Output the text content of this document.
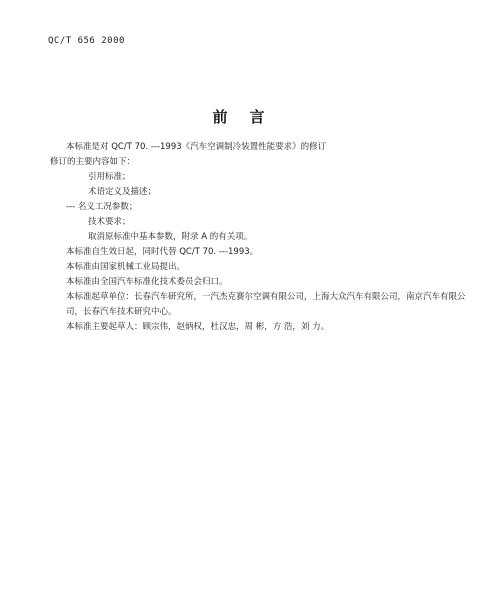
QC/T 656 2000
前言
本标准是对 QC/T 70. ---1993《汽车空调制冷装置性能要求》的修订
修订的主要内容如下：
引用标准；
术语定义及描述；
--- 名义工况参数；
技术要求；
取消原标准中基本参数，附录 A 的有关项。
本标准自生效日起，同时代替 QC/T 70. ---1993。
本标准由国家机械工业局提出。
本标准由全国汽车标准化技术委员会归口。
本标准起草单位：长春汽车研究所，一汽杰克赛尔空调有限公司，上海大众汽车有限公司，南京汽车有限公司，长春汽车技术研究中心。
本标准主要起草人：顾宗伟，赵炳权，杜汉忠，周 彬，方 浩，刘 力。
